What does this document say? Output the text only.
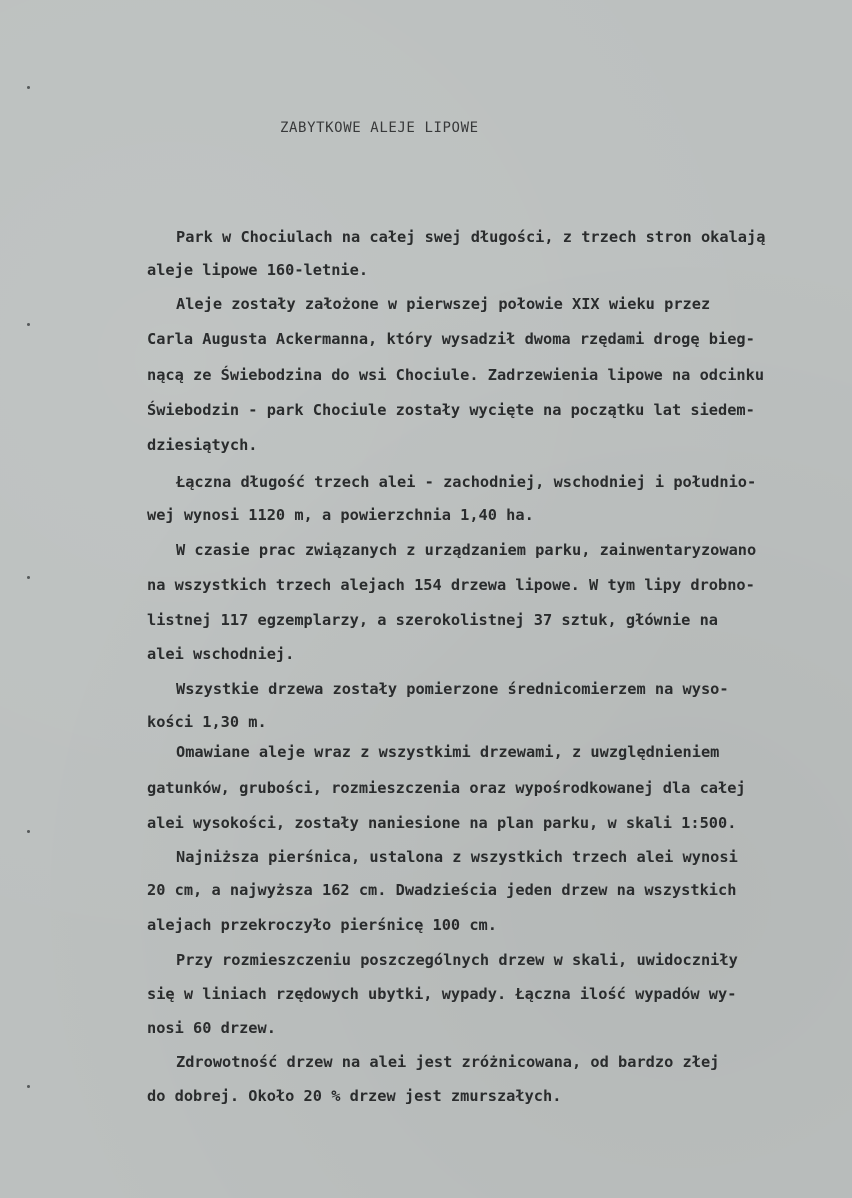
ZABYTKOWE ALEJE LIPOWE
Park w Chociulach na całej swej długości, z trzech stron okalają
aleje lipowe 160-letnie.
Aleje zostały założone w pierwszej połowie XIX wieku przez
Carla Augusta Ackermanna, który wysadził dwoma rzędami drogę bieg-
nącą ze Świebodzina do wsi Chociule. Zadrzewienia lipowe na odcinku
Świebodzin - park Chociule zostały wycięte na początku lat siedem-
dziesiątych.
Łączna długość trzech alei - zachodniej, wschodniej i południo-
wej wynosi 1120 m, a powierzchnia 1,40 ha.
W czasie prac związanych z urządzaniem parku, zainwentaryzowano
na wszystkich trzech alejach 154 drzewa lipowe. W tym lipy drobno-
listnej 117 egzemplarzy, a szerokolistnej 37 sztuk, głównie na
alei wschodniej.
Wszystkie drzewa zostały pomierzone średnicomierzem na wyso-
kości 1,30 m.
Omawiane aleje wraz z wszystkimi drzewami, z uwzględnieniem
gatunków, grubości, rozmieszczenia oraz wypośrodkowanej dla całej
alei wysokości, zostały naniesione na plan parku, w skali 1:500.
Najniższa pierśnica, ustalona z wszystkich trzech alei wynosi
20 cm, a najwyższa 162 cm. Dwadzieścia jeden drzew na wszystkich
alejach przekroczyło pierśnicę 100 cm.
Przy rozmieszczeniu poszczególnych drzew w skali, uwidoczniły
się w liniach rzędowych ubytki, wypady. Łączna ilość wypadów wy-
nosi 60 drzew.
Zdrowotność drzew na alei jest zróżnicowana, od bardzo złej
do dobrej. Około 20 % drzew jest zmurszałych.
